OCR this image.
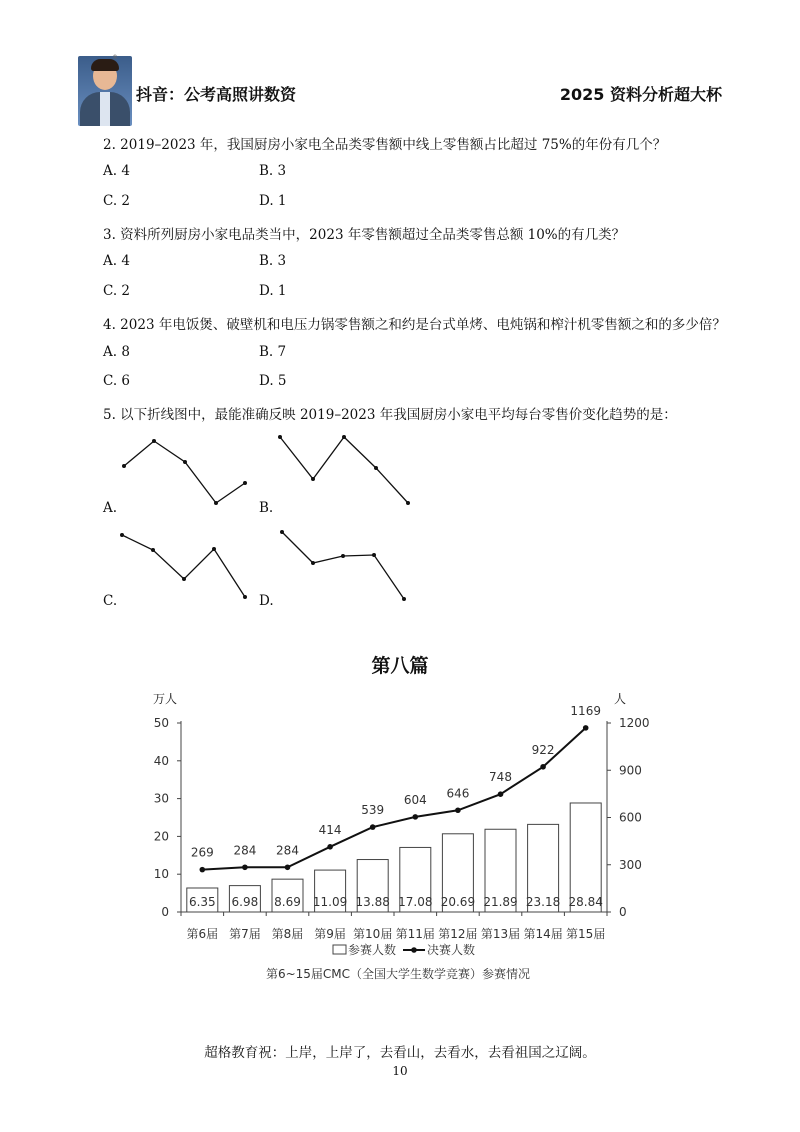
®
抖音：公考高照讲数资	2025 资料分析超大杯
2. 2019–2023 年，我国厨房小家电全品类零售额中线上零售额占比超过 75%的年份有几个？
A. 4	B. 3
C. 2	D. 1
3. 资料所列厨房小家电品类当中，2023 年零售额超过全品类零售总额 10%的有几类？
A. 4	B. 3
C. 2	D. 1
4. 2023 年电饭煲、破壁机和电压力锅零售额之和约是台式单烤、电炖锅和榨汁机零售额之和的多少倍？
A. 8	B. 7
C. 6	D. 5
5. 以下折线图中，最能准确反映 2019–2023 年我国厨房小家电平均每台零售价变化趋势的是：
A.	B.
C.	D.
第八篇
万人	人
0
10
20
30
40
50
0
300
600
900
1200
第6届 第7届 第8届 第9届 第10届 第11届 第12届 第13届 第14届 第15届
6.35 6.98 8.69 11.09 13.88 17.08 20.69 21.89 23.18 28.84
269 284 284
414
539
604 646
748
922
1169
参赛人数	决赛人数
第6~15届CMC（全国大学生数学竞赛）参赛情况
超格教育祝：上岸，上岸了，去看山，去看水，去看祖国之辽阔。
10
